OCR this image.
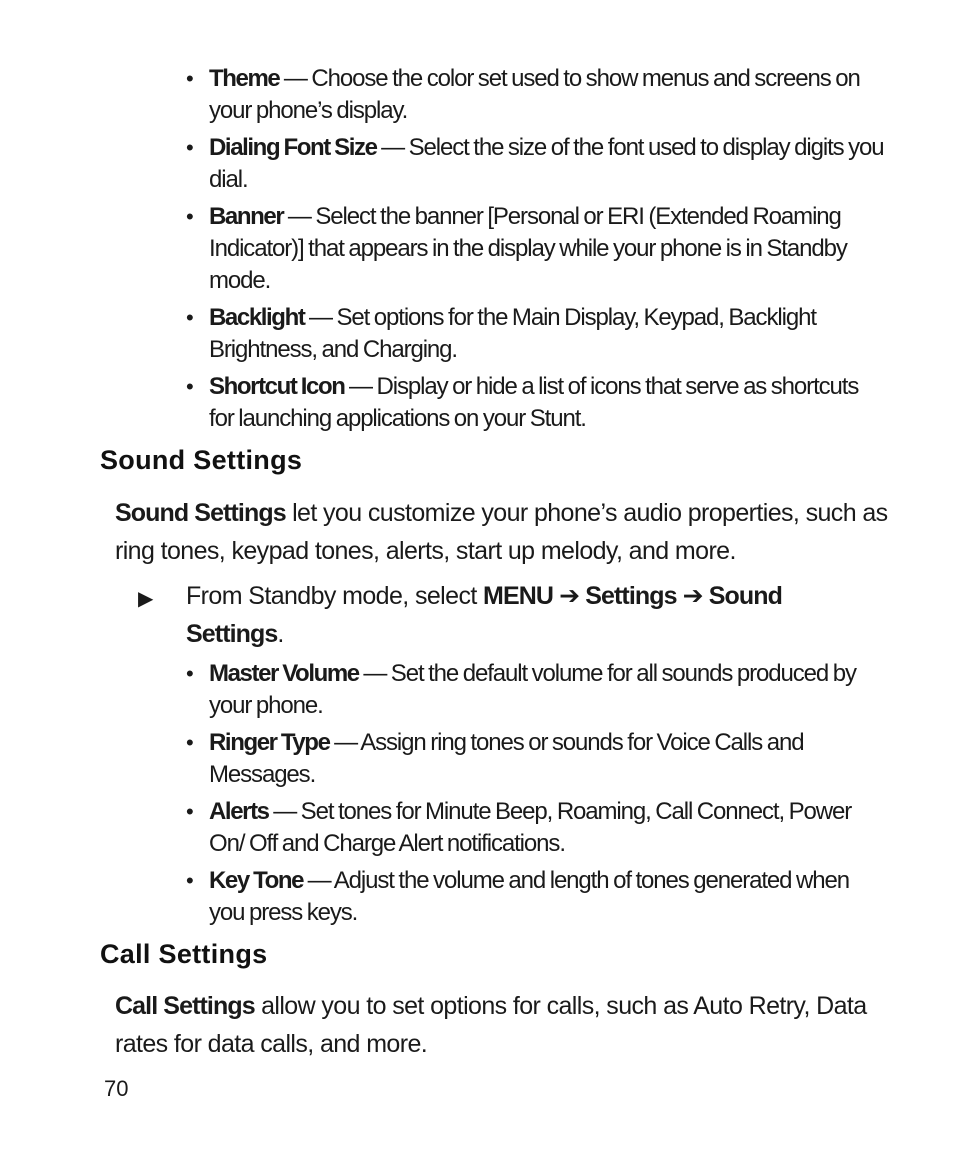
• Theme — Choose the color set used to show menus and screens on your phone’s display.
• Dialing Font Size — Select the size of the font used to display digits you dial.
• Banner — Select the banner [Personal or ERI (Extended Roaming Indicator)] that appears in the display while your phone is in Standby mode.
• Backlight — Set options for the Main Display, Keypad, Backlight Brightness, and Charging.
• Shortcut Icon — Display or hide a list of icons that serve as shortcuts for launching applications on your Stunt.
Sound Settings

Sound Settings let you customize your phone’s audio properties, such as ring tones, keypad tones, alerts, start up melody, and more.

▶	From Standby mode, select MENU ➔ Settings ➔ Sound Settings.
• Master Volume — Set the default volume for all sounds produced by your phone.
• Ringer Type — Assign ring tones or sounds for Voice Calls and Messages.
• Alerts — Set tones for Minute Beep, Roaming, Call Connect, Power On/ Off and Charge Alert notifications.
• Key Tone — Adjust the volume and length of tones generated when you press keys.
Call Settings

Call Settings allow you to set options for calls, such as Auto Retry, Data rates for data calls, and more.

70
